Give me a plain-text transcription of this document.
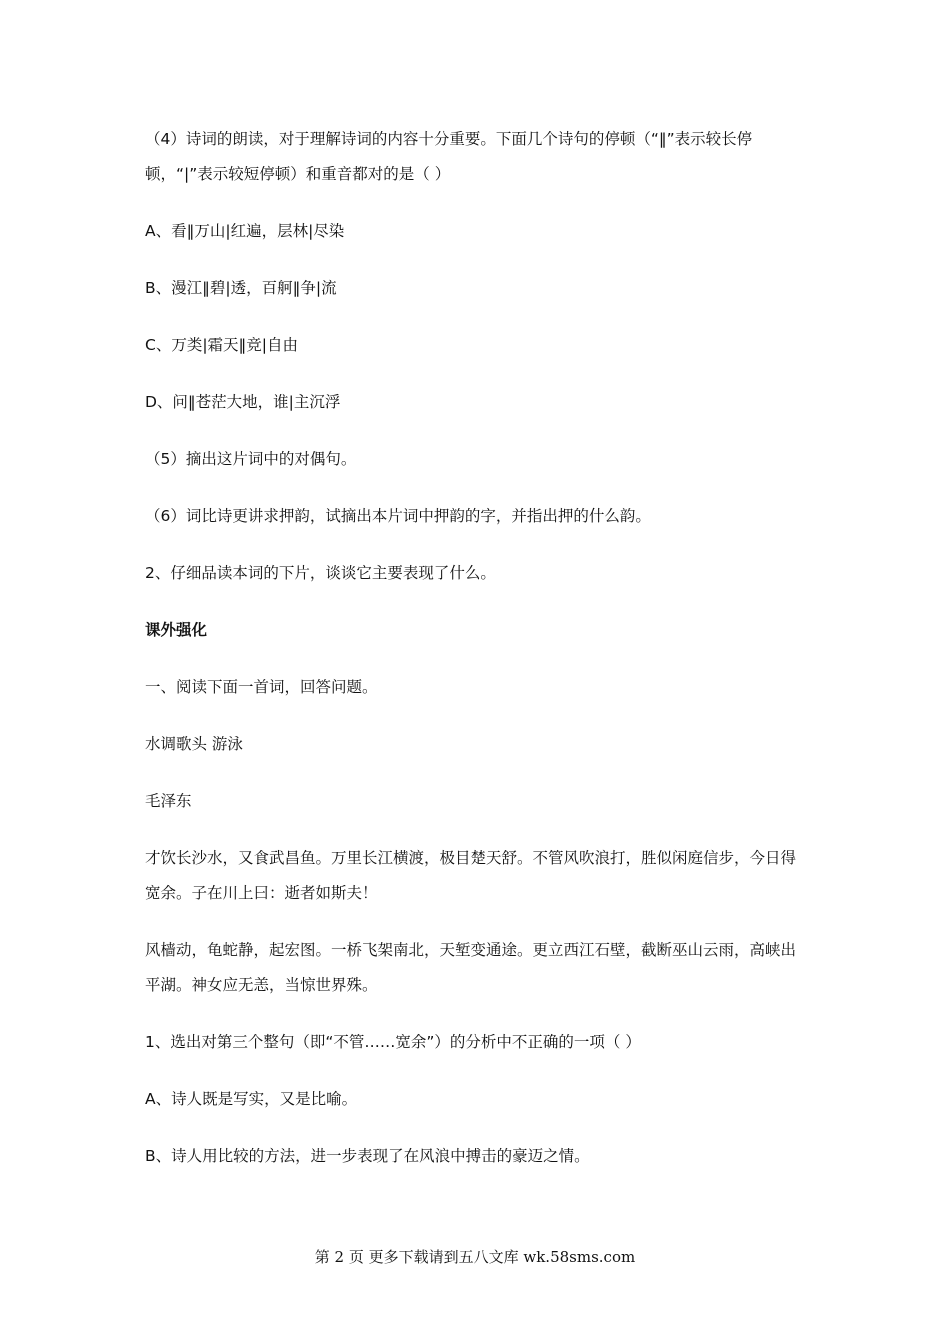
（4）诗词的朗读，对于理解诗词的内容十分重要。下面几个诗句的停顿（“‖”表示较长停顿，“|”表示较短停顿）和重音都对的是（ ）

A、看‖万山|红遍，层林|尽染

B、漫江‖碧|透，百舸‖争|流

C、万类|霜天‖竞|自由

D、问‖苍茫大地，谁|主沉浮

（5）摘出这片词中的对偶句。

（6）词比诗更讲求押韵，试摘出本片词中押韵的字，并指出押的什么韵。

2、仔细品读本词的下片，谈谈它主要表现了什么。

课外强化

一、阅读下面一首词，回答问题。

水调歌头 游泳

毛泽东

才饮长沙水，又食武昌鱼。万里长江横渡，极目楚天舒。不管风吹浪打，胜似闲庭信步，今日得宽余。子在川上曰：逝者如斯夫！

风樯动，龟蛇静，起宏图。一桥飞架南北，天堑变通途。更立西江石壁，截断巫山云雨，高峡出平湖。神女应无恙，当惊世界殊。

1、选出对第三个整句（即“不管……宽余”）的分析中不正确的一项（ ）

A、诗人既是写实，又是比喻。

B、诗人用比较的方法，进一步表现了在风浪中搏击的豪迈之情。

第 2 页 更多下载请到五八文库 wk.58sms.com
